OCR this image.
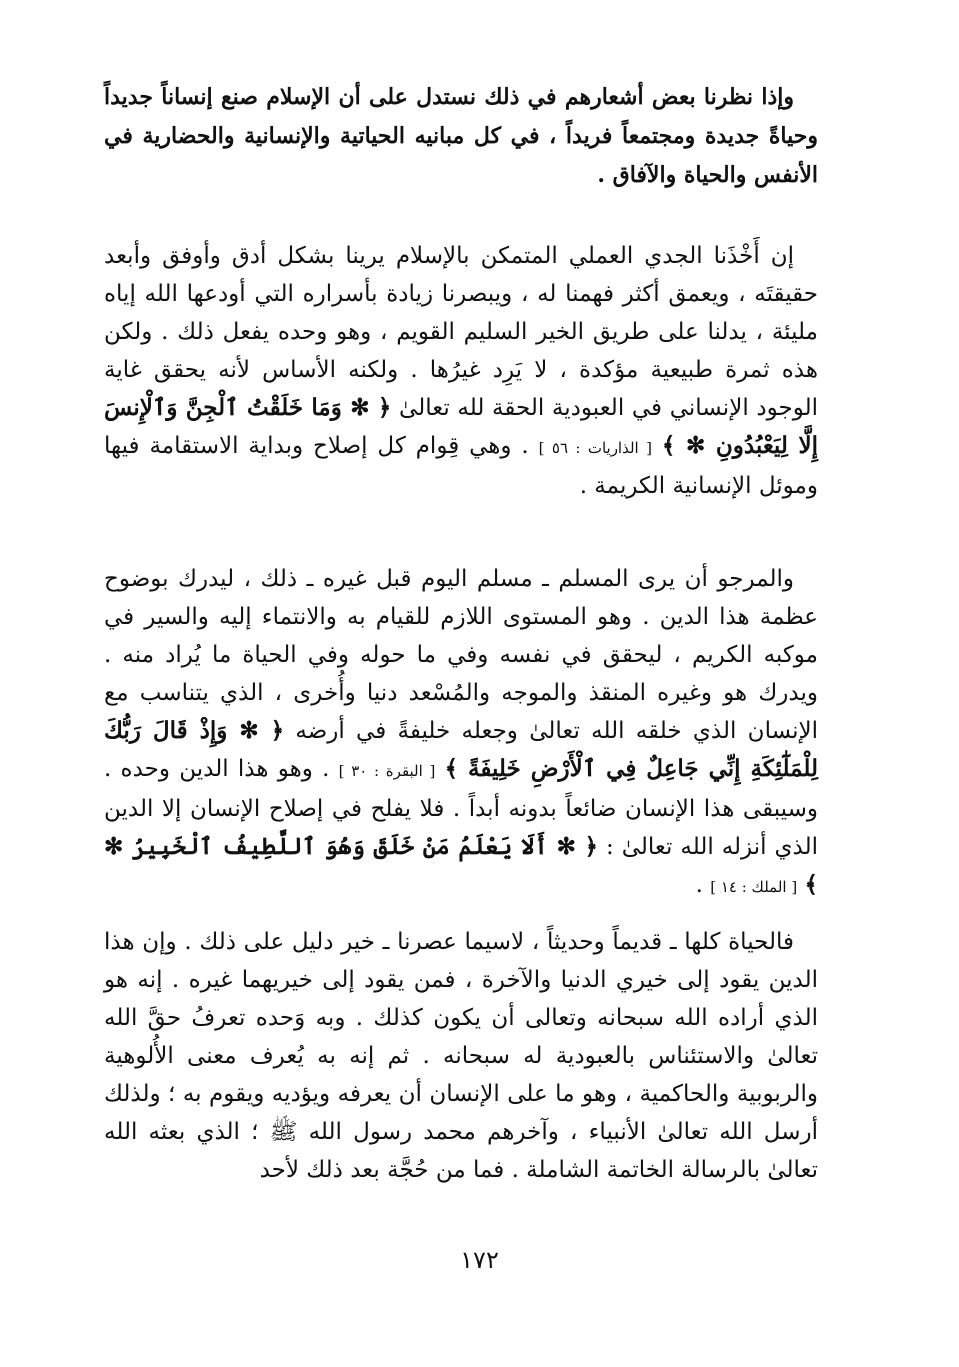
وإذا نظرنا بعض أشعارهم في ذلك نستدل على أن الإسلام صنع إنساناً جديداً وحياةً جديدة ومجتمعاً فريداً ، في كل مبانيه الحياتية والإنسانية والحضارية في الأنفس والحياة والآفاق .

إن أَخْذَنا الجدي العملي المتمكن بالإسلام يرينا بشكل أدق وأوفق وأبعد حقيقتَه ، ويعمق أكثر فهمنا له ، ويبصرنا زيادة بأسراره التي أودعها الله إياه مليئة ، يدلنا على طريق الخير السليم القويم ، وهو وحده يفعل ذلك . ولكن هذه ثمرة طبيعية مؤكدة ، لا يَرِد غيرُها . ولكنه الأساس لأنه يحقق غاية الوجود الإنساني في العبودية الحقة لله تعالىٰ ﴿ ✻ وَمَا خَلَقْتُ ٱلْجِنَّ وَٱلْإِنسَ إِلَّا لِيَعْبُدُونِ ✻ ﴾ [ الذاريات : ٥٦ ] . وهي قِوام كل إصلاح وبداية الاستقامة فيها وموئل الإنسانية الكريمة .

والمرجو أن يرى المسلم ـ مسلم اليوم قبل غيره ـ ذلك ، ليدرك بوضوح عظمة هذا الدين . وهو المستوى اللازم للقيام به والانتماء إليه والسير في موكبه الكريم ، ليحقق في نفسه وفي ما حوله وفي الحياة ما يُراد منه . ويدرك هو وغيره المنقذ والموجه والمُسْعد دنيا وأُخرى ، الذي يتناسب مع الإنسان الذي خلقه الله تعالىٰ وجعله خليفةً في أرضه ﴿ ✻ وَإِذْ قَالَ رَبُّكَ لِلْمَلَٰٓئِكَةِ إِنِّي جَاعِلٌ فِي ٱلْأَرْضِ خَلِيفَةً ﴾ [ البقرة : ٣٠ ] . وهو هذا الدين وحده . وسيبقى هذا الإنسان ضائعاً بدونه أبداً . فلا يفلح في إصلاح الإنسان إلا الدين الذي أنزله الله تعالىٰ : ﴿ ✻ أَلَا يَعْلَمُ مَنْ خَلَقَ وَهُوَ ٱللَّطِيفُ ٱلْخَبِيرُ ✻ ﴾ [ الملك : ١٤ ] .

فالحياة كلها ـ قديماً وحديثاً ، لاسيما عصرنا ـ خير دليل على ذلك . وإن هذا الدين يقود إلى خيري الدنيا والآخرة ، فمن يقود إلى خيريهما غيره . إنه هو الذي أراده الله سبحانه وتعالى أن يكون كذلك . وبه وَحده تعرفُ حقَّ الله تعالىٰ والاستئناس بالعبودية له سبحانه . ثم إنه به يُعرف معنى الأُلوهية والربوبية والحاكمية ، وهو ما على الإنسان أن يعرفه ويؤديه ويقوم به ؛ ولذلك أرسل الله تعالىٰ الأنبياء ، وآخرهم محمد رسول الله ﷺ ؛ الذي بعثه الله تعالىٰ بالرسالة الخاتمة الشاملة . فما من حُجَّة بعد ذلك لأحد

١٧٢
